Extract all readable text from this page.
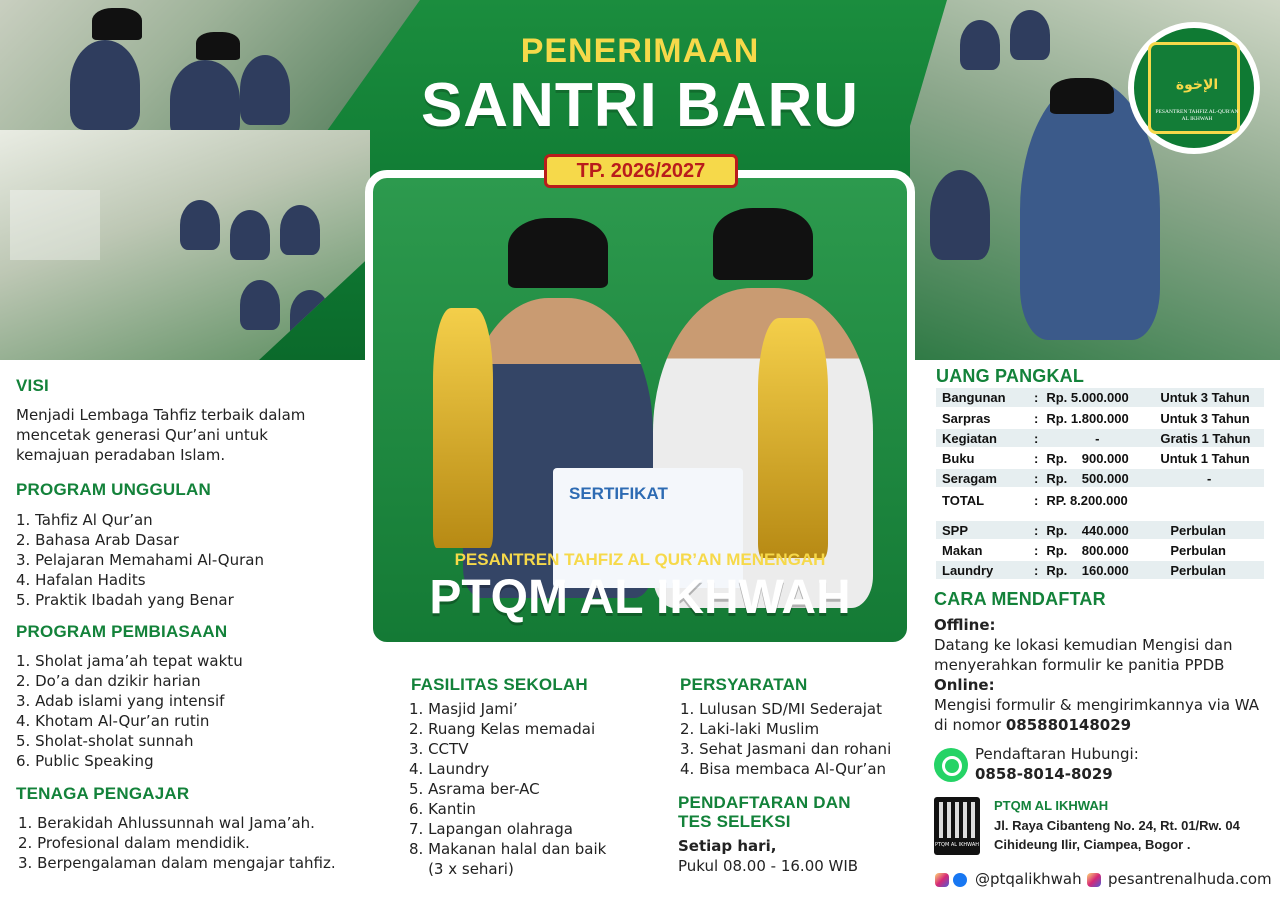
PENERIMAAN
SANTRI BARU
SERTIFIKAT
PESANTREN TAHFIZ AL QUR’AN MENENGAH
PTQM AL IKHWAH
TP. 2026/2027
الإخوة
PESANTREN TAHFIZ AL-QUR'AN AL IKHWAH
VISI
Menjadi Lembaga Tahfiz terbaik dalam
mencetak generasi Qur’ani untuk
kemajuan peradaban Islam.
PROGRAM UNGGULAN
1. Tahfiz Al Qur’an
2. Bahasa Arab Dasar
3. Pelajaran Memahami Al-Quran
4. Hafalan Hadits
5. Praktik Ibadah yang Benar
PROGRAM PEMBIASAAN
1. Sholat jama’ah tepat waktu
2. Do’a dan dzikir harian
3. Adab islami yang intensif
4. Khotam Al-Qur’an rutin
5. Sholat-sholat sunnah
6. Public Speaking
TENAGA PENGAJAR
1. Berakidah Ahlussunnah wal Jama’ah.
2. Profesional dalam mendidik.
3. Berpengalaman dalam mengajar tahfiz.
FASILITAS SEKOLAH
1. Masjid Jami’
2. Ruang Kelas memadai
3. CCTV
4. Laundry
5. Asrama ber-AC
6. Kantin
7. Lapangan olahraga
8. Makanan halal dan baik
(3 x sehari)
PERSYARATAN
1. Lulusan SD/MI Sederajat
2. Laki-laki Muslim
3. Sehat Jasmani dan rohani
4. Bisa membaca Al-Qur’an
PENDAFTARAN DAN
TES SELEKSI
Setiap hari,
Pukul 08.00 - 16.00 WIB
UANG PANGKAL
Bangunan	:	Rp. 5.000.000	Untuk 3 Tahun
Sarpras	:	Rp. 1.800.000	Untuk 3 Tahun
Kegiatan	:	-	Gratis 1 Tahun
Buku	:	Rp.    900.000	Untuk 1 Tahun
Seragam	:	Rp.    500.000	-
TOTAL	:	RP. 8.200.000	

SPP	:	Rp.    440.000	Perbulan
Makan	:	Rp.    800.000	Perbulan
Laundry	:	Rp.    160.000	Perbulan
CARA MENDAFTAR
Offline:
Datang ke lokasi kemudian Mengisi dan
menyerahkan formulir ke panitia PPDB
Online:
Mengisi formulir & mengirimkannya via WA
di nomor 085880148029
Pendaftaran Hubungi:
0858-8014-8029
PTQM AL IKHWAH
PTQM AL IKHWAH
Jl. Raya Cibanteng No. 24, Rt. 01/Rw. 04
Cihideung Ilir, Ciampea, Bogor .
@ptqalikhwah pesantrenalhuda.com
